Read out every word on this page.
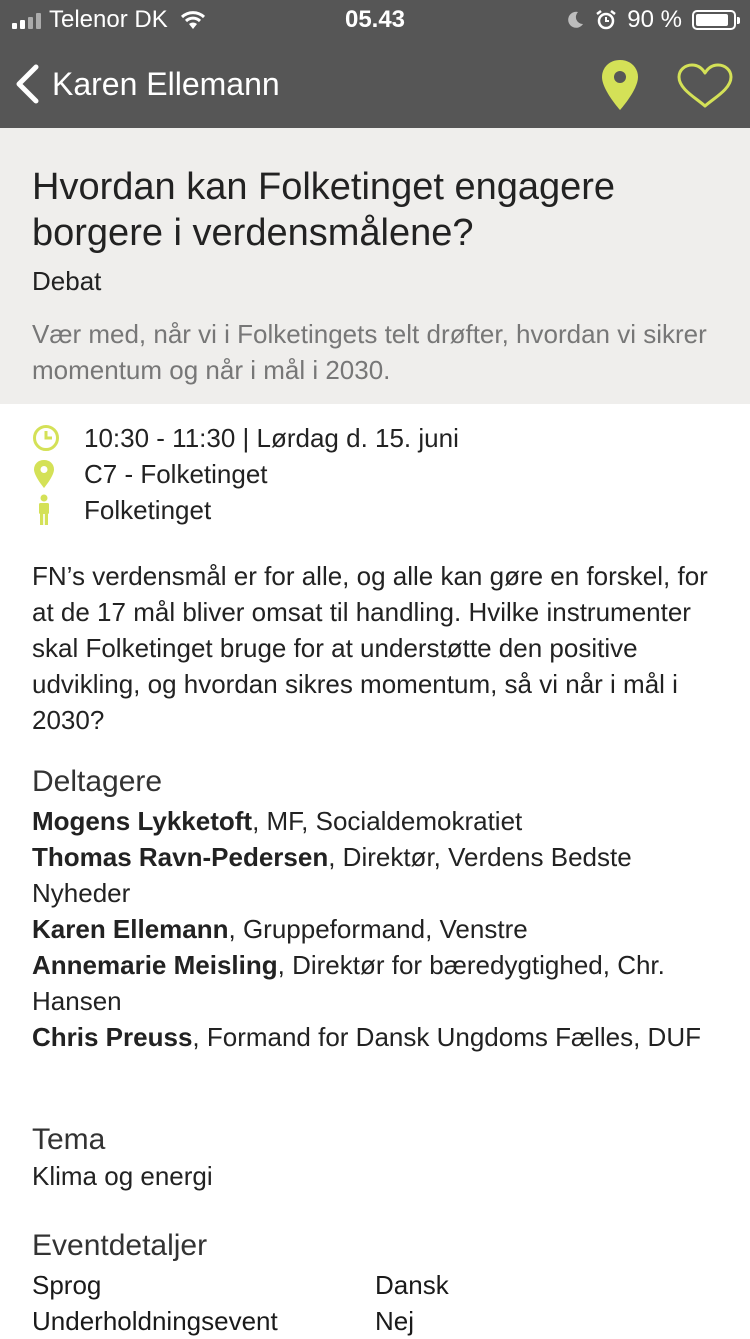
Telenor DK	05.43	90 %
Karen Ellemann
Hvordan kan Folketinget engagere borgere i verdensmålene?
Debat
Vær med, når vi i Folketingets telt drøfter, hvordan vi sikrer momentum og når i mål i 2030.
10:30 - 11:30 | Lørdag d. 15. juni
C7 - Folketinget
Folketinget
FN’s verdensmål er for alle, og alle kan gøre en forskel, for at de 17 mål bliver omsat til handling. Hvilke instrumenter skal Folketinget bruge for at understøtte den positive udvikling, og hvordan sikres momentum, så vi når i mål i 2030?
Deltagere
Mogens Lykketoft, MF, Socialdemokratiet
Thomas Ravn-Pedersen, Direktør, Verdens Bedste Nyheder
Karen Ellemann, Gruppeformand, Venstre
Annemarie Meisling, Direktør for bæredygtighed, Chr. Hansen
Chris Preuss, Formand for Dansk Ungdoms Fælles, DUF
Tema
Klima og energi
Eventdetaljer
Sprog	Dansk
Underholdningsevent	Nej
